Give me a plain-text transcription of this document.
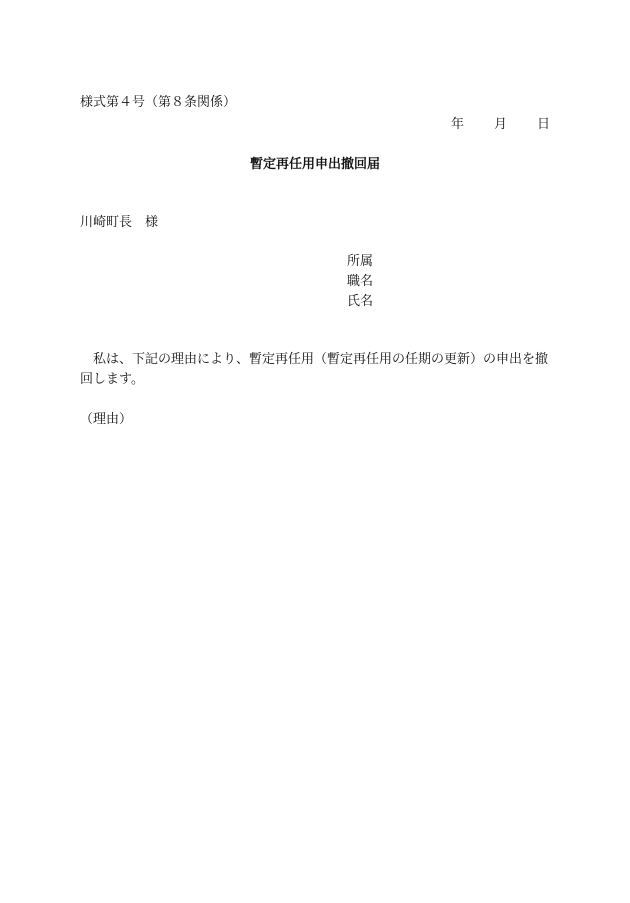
様式第４号（第８条関係）
年 月 日
暫定再任用申出撤回届
川崎町長　様
所属
職名
氏名
私は、下記の理由により、暫定再任用（暫定再任用の任期の更新）の申出を撤回します。
（理由）
